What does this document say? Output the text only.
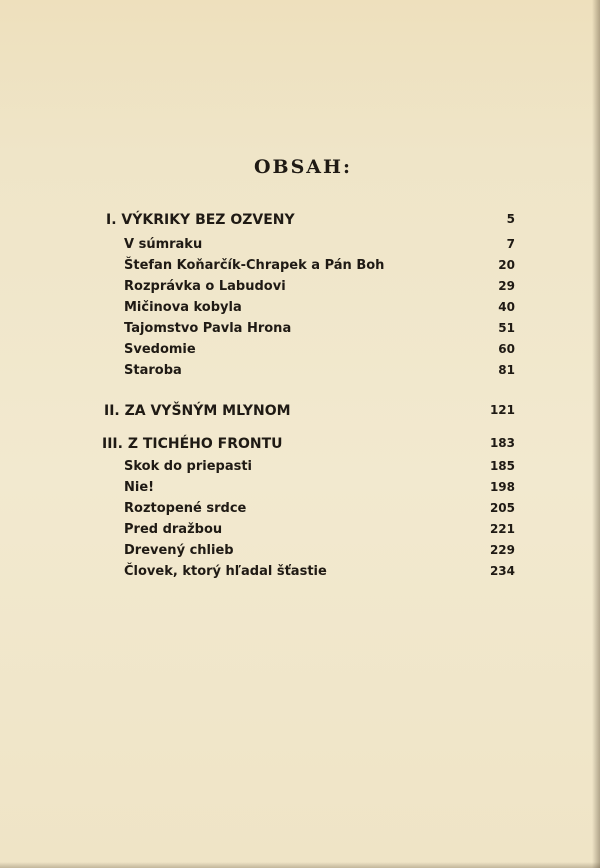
OBSAH:
I. VÝKRIKY BEZ OZVENY	5
V súmraku	7
Štefan Koňarčík-Chrapek a Pán Boh	20
Rozprávka o Labudovi	29
Mičinova kobyla	40
Tajomstvo Pavla Hrona	51
Svedomie	60
Staroba	81
II. ZA VYŠNÝM MLYNOM	121
III. Z TICHÉHO FRONTU	183
Skok do priepasti	185
Nie!	198
Roztopené srdce	205
Pred dražbou	221
Drevený chlieb	229
Človek, ktorý hľadal šťastie	234
